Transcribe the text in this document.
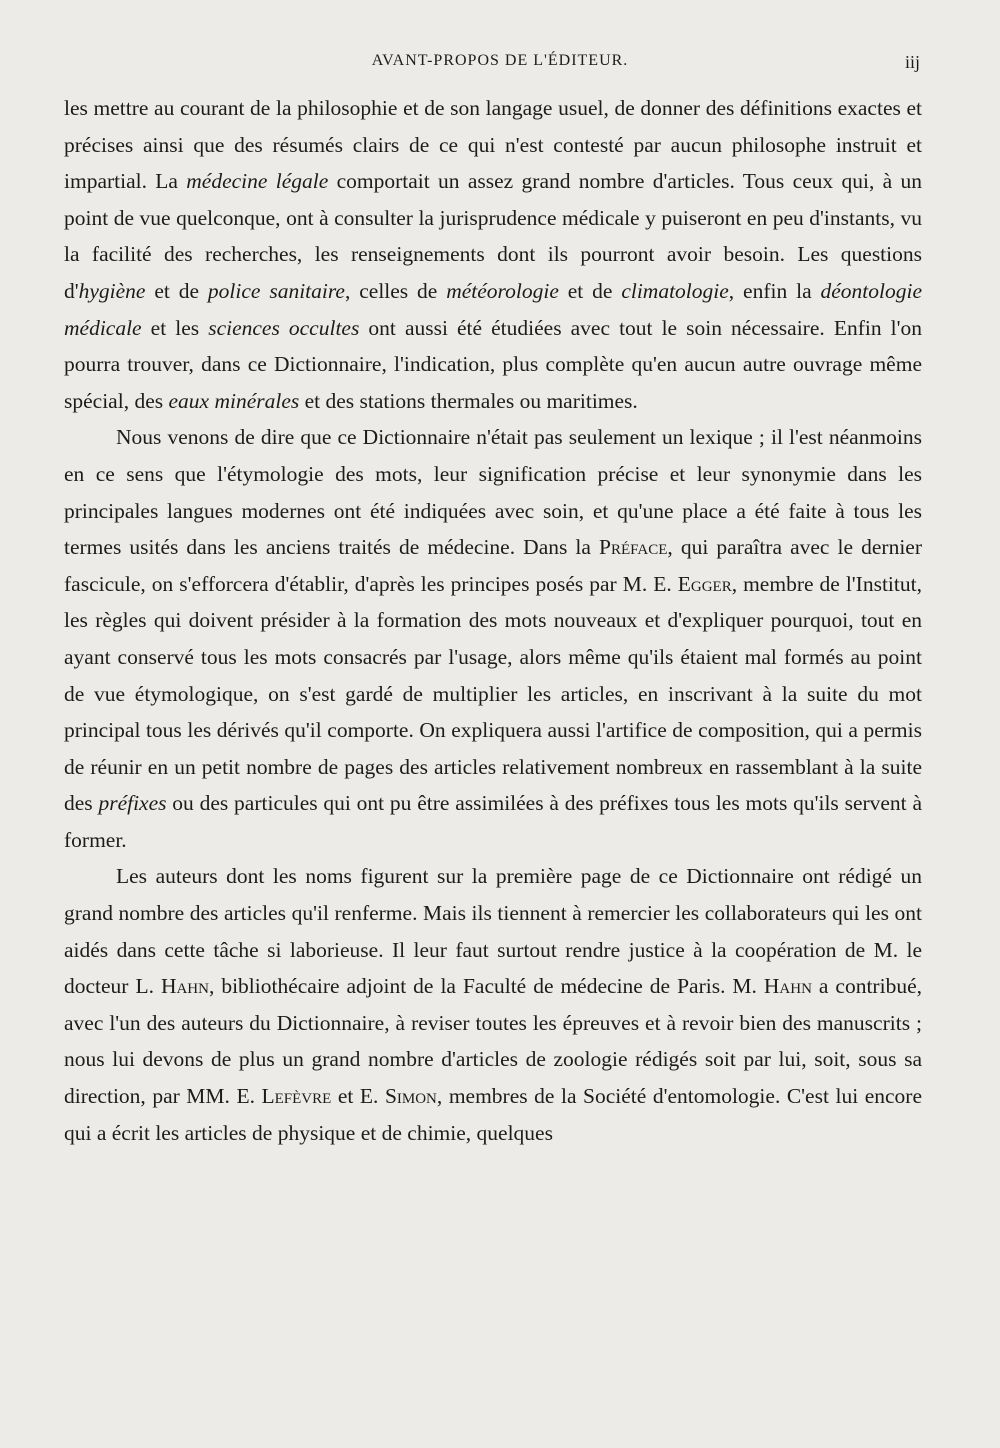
AVANT-PROPOS DE L'ÉDITEUR.	iij

les mettre au courant de la philosophie et de son langage usuel, de donner des définitions exactes et précises ainsi que des résumés clairs de ce qui n'est contesté par aucun philosophe instruit et impartial. La médecine légale comportait un assez grand nombre d'articles. Tous ceux qui, à un point de vue quelconque, ont à consulter la jurisprudence médicale y puiseront en peu d'instants, vu la facilité des recherches, les renseignements dont ils pourront avoir besoin. Les questions d'hygiène et de police sanitaire, celles de météorologie et de climatologie, enfin la déontologie médicale et les sciences occultes ont aussi été étudiées avec tout le soin nécessaire. Enfin l'on pourra trouver, dans ce Dictionnaire, l'indication, plus complète qu'en aucun autre ouvrage même spécial, des eaux minérales et des stations thermales ou maritimes.

Nous venons de dire que ce Dictionnaire n'était pas seulement un lexique ; il l'est néanmoins en ce sens que l'étymologie des mots, leur signification précise et leur synonymie dans les principales langues modernes ont été indiquées avec soin, et qu'une place a été faite à tous les termes usités dans les anciens traités de médecine. Dans la Préface, qui paraîtra avec le dernier fascicule, on s'efforcera d'établir, d'après les principes posés par M. E. Egger, membre de l'Institut, les règles qui doivent présider à la formation des mots nouveaux et d'expliquer pourquoi, tout en ayant conservé tous les mots consacrés par l'usage, alors même qu'ils étaient mal formés au point de vue étymologique, on s'est gardé de multiplier les articles, en inscrivant à la suite du mot principal tous les dérivés qu'il comporte. On expliquera aussi l'artifice de composition, qui a permis de réunir en un petit nombre de pages des articles relativement nombreux en rassemblant à la suite des préfixes ou des particules qui ont pu être assimilées à des préfixes tous les mots qu'ils servent à former.

Les auteurs dont les noms figurent sur la première page de ce Dictionnaire ont rédigé un grand nombre des articles qu'il renferme. Mais ils tiennent à remercier les collaborateurs qui les ont aidés dans cette tâche si laborieuse. Il leur faut surtout rendre justice à la coopération de M. le docteur L. Hahn, bibliothécaire adjoint de la Faculté de médecine de Paris. M. Hahn a contribué, avec l'un des auteurs du Dictionnaire, à reviser toutes les épreuves et à revoir bien des manuscrits ; nous lui devons de plus un grand nombre d'articles de zoologie rédigés soit par lui, soit, sous sa direction, par MM. E. Lefèvre et E. Simon, membres de la Société d'entomologie. C'est lui encore qui a écrit les articles de physique et de chimie, quelques
